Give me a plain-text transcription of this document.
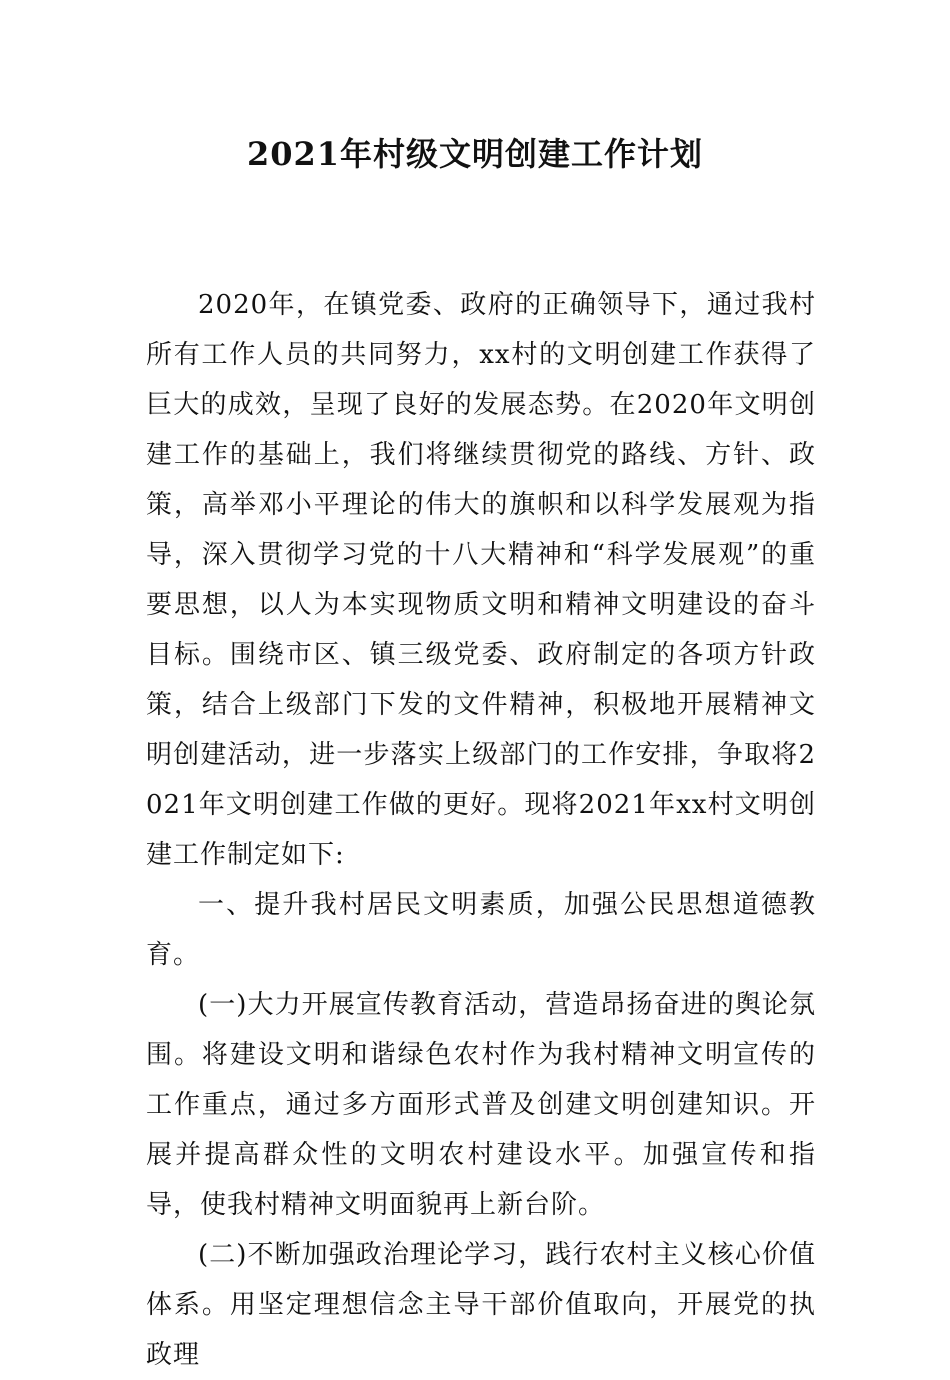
2021年村级文明创建工作计划

2020年，在镇党委、政府的正确领导下，通过我村所有工作人员的共同努力，xx村的文明创建工作获得了巨大的成效，呈现了良好的发展态势。在2020年文明创建工作的基础上，我们将继续贯彻党的路线、方针、政策，高举邓小平理论的伟大的旗帜和以科学发展观为指导，深入贯彻学习党的十八大精神和“科学发展观”的重要思想，以人为本实现物质文明和精神文明建设的奋斗目标。围绕市区、镇三级党委、政府制定的各项方针政策，结合上级部门下发的文件精神，积极地开展精神文明创建活动，进一步落实上级部门的工作安排，争取将2021年文明创建工作做的更好。现将2021年xx村文明创建工作制定如下:

一、提升我村居民文明素质，加强公民思想道德教育。

(一)大力开展宣传教育活动，营造昂扬奋进的舆论氛围。将建设文明和谐绿色农村作为我村精神文明宣传的工作重点，通过多方面形式普及创建文明创建知识。开展并提高群众性的文明农村建设水平。加强宣传和指导，使我村精神文明面貌再上新台阶。

(二)不断加强政治理论学习，践行农村主义核心价值体系。用坚定理想信念主导干部价值取向，开展党的执政理
